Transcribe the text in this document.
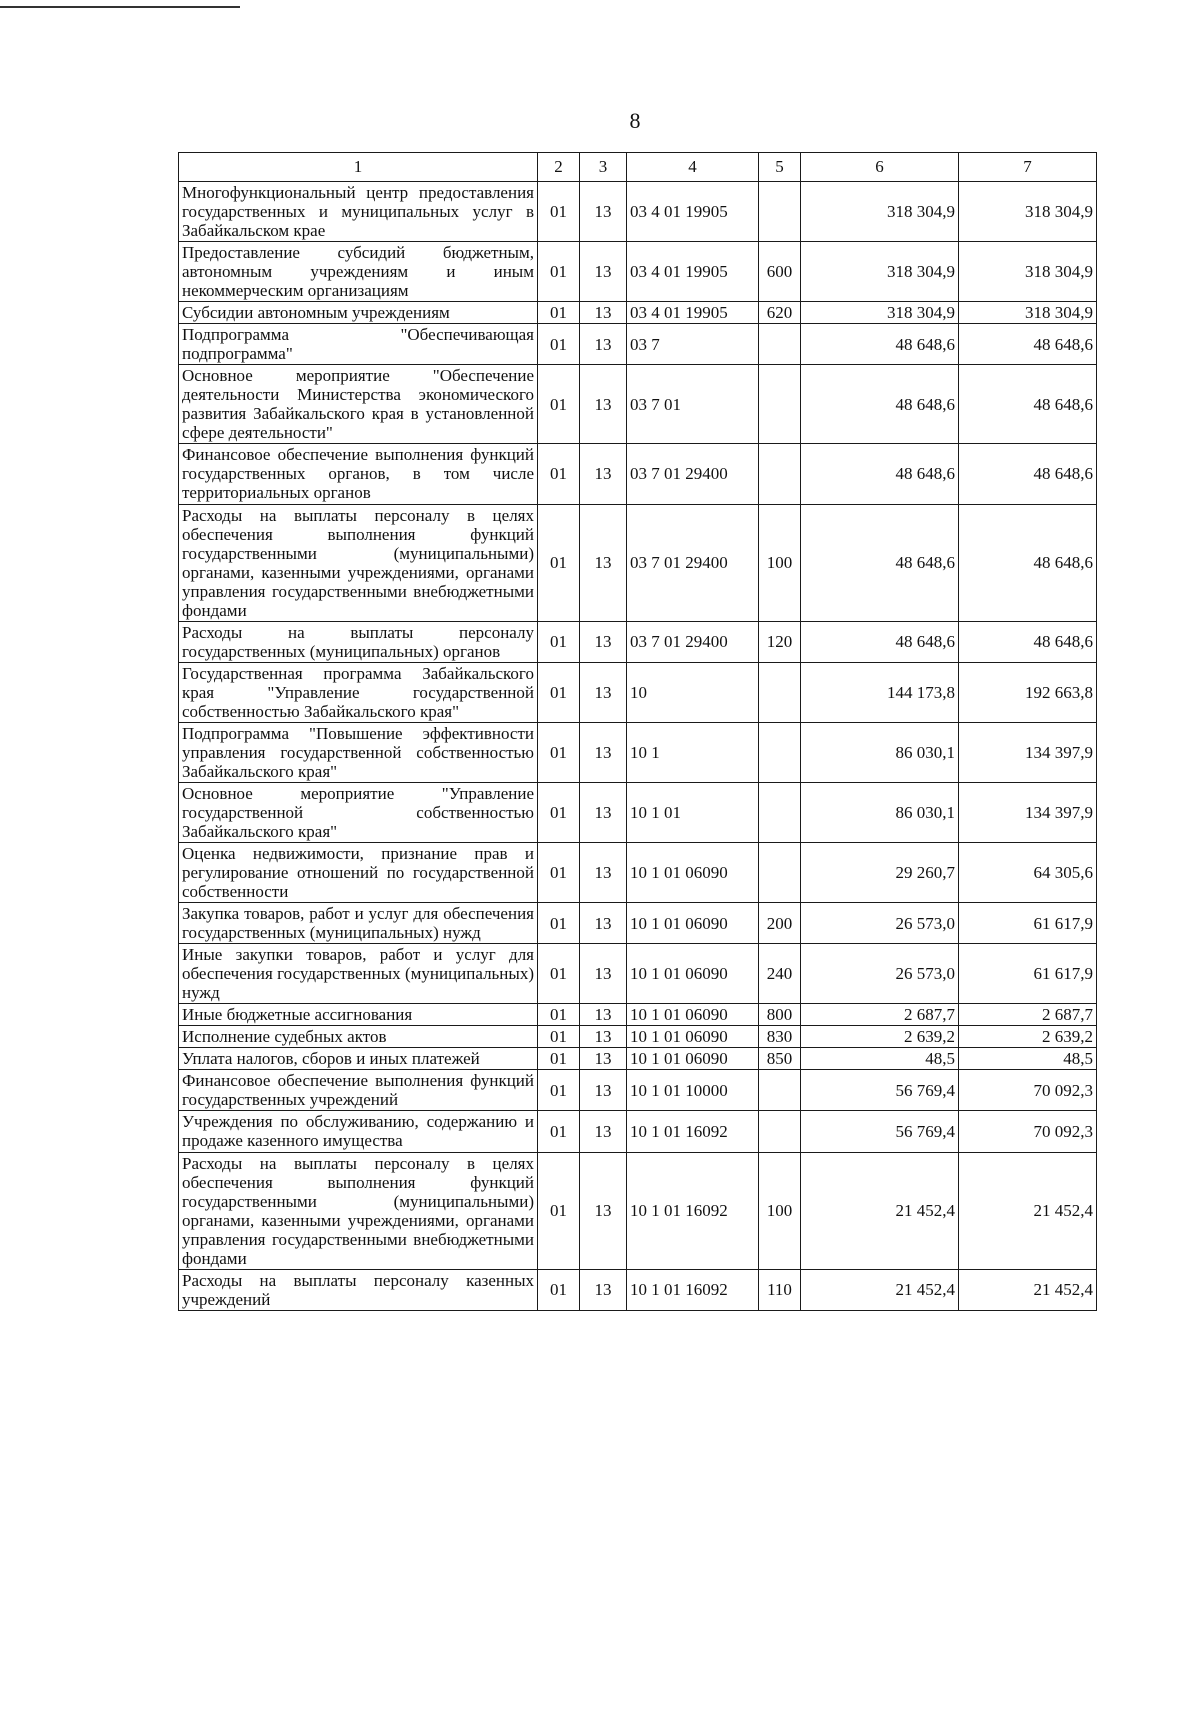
8
1	2	3	4	5	6	7
Многофункциональный центр предоставления государственных и муниципальных услуг в Забайкальском крае	01	13	03 4 01 19905		318 304,9	318 304,9
Предоставление субсидий бюджетным, автономным учреждениям и иным некоммерческим организациям	01	13	03 4 01 19905	600	318 304,9	318 304,9
Субсидии автономным учреждениям	01	13	03 4 01 19905	620	318 304,9	318 304,9
Подпрограмма "Обеспечивающая подпрограмма"	01	13	03 7		48 648,6	48 648,6
Основное мероприятие "Обеспечение деятельности Министерства экономического развития Забайкальского края в установленной сфере деятельности"	01	13	03 7 01		48 648,6	48 648,6
Финансовое обеспечение выполнения функций государственных органов, в том числе территориальных органов	01	13	03 7 01 29400		48 648,6	48 648,6
Расходы на выплаты персоналу в целях обеспечения выполнения функций государственными (муниципальными) органами, казенными учреждениями, органами управления государственными внебюджетными фондами	01	13	03 7 01 29400	100	48 648,6	48 648,6
Расходы на выплаты персоналу государственных (муниципальных) органов	01	13	03 7 01 29400	120	48 648,6	48 648,6
Государственная программа Забайкальского края "Управление государственной собственностью Забайкальского края"	01	13	10		144 173,8	192 663,8
Подпрограмма "Повышение эффективности управления государственной собственностью Забайкальского края"	01	13	10 1		86 030,1	134 397,9
Основное мероприятие "Управление государственной собственностью Забайкальского края"	01	13	10 1 01		86 030,1	134 397,9
Оценка недвижимости, признание прав и регулирование отношений по государственной собственности	01	13	10 1 01 06090		29 260,7	64 305,6
Закупка товаров, работ и услуг для обеспечения государственных (муниципальных) нужд	01	13	10 1 01 06090	200	26 573,0	61 617,9
Иные закупки товаров, работ и услуг для обеспечения государственных (муниципальных) нужд	01	13	10 1 01 06090	240	26 573,0	61 617,9
Иные бюджетные ассигнования	01	13	10 1 01 06090	800	2 687,7	2 687,7
Исполнение судебных актов	01	13	10 1 01 06090	830	2 639,2	2 639,2
Уплата налогов, сборов и иных платежей	01	13	10 1 01 06090	850	48,5	48,5
Финансовое обеспечение выполнения функций государственных учреждений	01	13	10 1 01 10000		56 769,4	70 092,3
Учреждения по обслуживанию, содержанию и продаже казенного имущества	01	13	10 1 01 16092		56 769,4	70 092,3
Расходы на выплаты персоналу в целях обеспечения выполнения функций государственными (муниципальными) органами, казенными учреждениями, органами управления государственными внебюджетными фондами	01	13	10 1 01 16092	100	21 452,4	21 452,4
Расходы на выплаты персоналу казенных учреждений	01	13	10 1 01 16092	110	21 452,4	21 452,4
